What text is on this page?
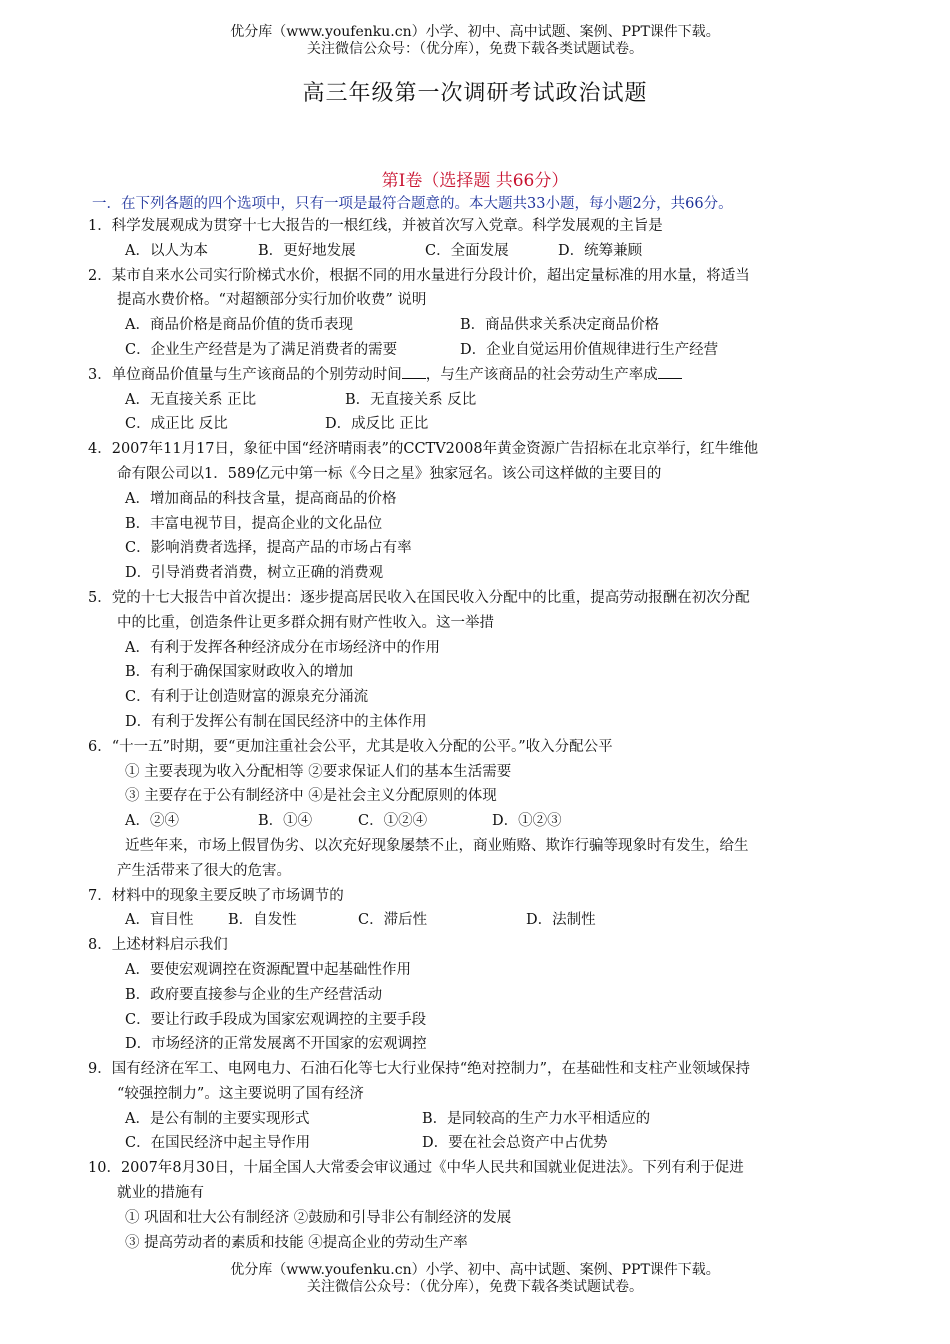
优分库（www.youfenku.cn）小学、初中、高中试题、案例、PPT课件下载。
关注微信公众号：（优分库），免费下载各类试题试卷。
高三年级第一次调研考试政治试题
第Ⅰ卷（选择题 共66分）
一．在下列各题的四个选项中，只有一项是最符合题意的。本大题共33小题，每小题2分，共66分。
1．科学发展观成为贯穿十七大报告的一根红线，并被首次写入党章。科学发展观的主旨是
A．以人为本	B．更好地发展	C．全面发展	D．统筹兼顾
2．某市自来水公司实行阶梯式水价，根据不同的用水量进行分段计价，超出定量标准的用水量，将适当
提高水费价格。“对超额部分实行加价收费” 说明
A．商品价格是商品价值的货币表现	B．商品供求关系决定商品价格
C．企业生产经营是为了满足消费者的需要	D．企业自觉运用价值规律进行生产经营
3．单位商品价值量与生产该商品的个别劳动时间 ，与生产该商品的社会劳动生产率成
A．无直接关系 正比	B．无直接关系 反比
C．成正比 反比	D．成反比 正比
4．2007年11月17日，象征中国“经济晴雨表”的CCTV2008年黄金资源广告招标在北京举行，红牛维他
命有限公司以1．589亿元中第一标《今日之星》独家冠名。该公司这样做的主要目的
A．增加商品的科技含量，提高商品的价格
B．丰富电视节目，提高企业的文化品位
C．影响消费者选择，提高产品的市场占有率
D．引导消费者消费，树立正确的消费观
5．党的十七大报告中首次提出：逐步提高居民收入在国民收入分配中的比重，提高劳动报酬在初次分配
中的比重，创造条件让更多群众拥有财产性收入。这一举措
A．有利于发挥各种经济成分在市场经济中的作用
B．有利于确保国家财政收入的增加
C．有利于让创造财富的源泉充分涌流
D．有利于发挥公有制在国民经济中的主体作用
6．“十一五”时期，要“更加注重社会公平，尤其是收入分配的公平。”收入分配公平
① 主要表现为收入分配相等 ②要求保证人们的基本生活需要
③ 主要存在于公有制经济中 ④是社会主义分配原则的体现
A．②④	B．①④	C．①②④	D．①②③
近些年来，市场上假冒伪劣、以次充好现象屡禁不止，商业贿赂、欺诈行骗等现象时有发生，给生
产生活带来了很大的危害。
7．材料中的现象主要反映了市场调节的
A．盲目性 B．自发性	C．滞后性	D．法制性
8．上述材料启示我们
A．要使宏观调控在资源配置中起基础性作用
B．政府要直接参与企业的生产经营活动
C．要让行政手段成为国家宏观调控的主要手段
D．市场经济的正常发展离不开国家的宏观调控
9．国有经济在军工、电网电力、石油石化等七大行业保持“绝对控制力”，在基础性和支柱产业领域保持
“较强控制力”。这主要说明了国有经济
A．是公有制的主要实现形式	B．是同较高的生产力水平相适应的
C．在国民经济中起主导作用	D．要在社会总资产中占优势
10．2007年8月30日，十届全国人大常委会审议通过《中华人民共和国就业促进法》。下列有利于促进
就业的措施有
① 巩固和壮大公有制经济 ②鼓励和引导非公有制经济的发展
③ 提高劳动者的素质和技能 ④提高企业的劳动生产率
优分库（www.youfenku.cn）小学、初中、高中试题、案例、PPT课件下载。
关注微信公众号：（优分库），免费下载各类试题试卷。
